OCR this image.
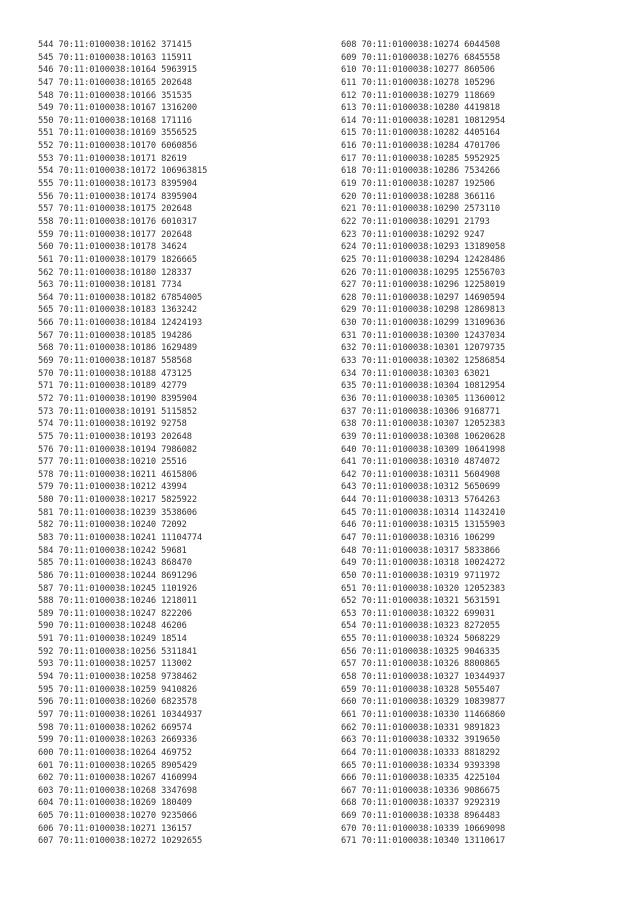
544 70:11:0100038:10162 371415
545 70:11:0100038:10163 115911
546 70:11:0100038:10164 5963915
547 70:11:0100038:10165 202648
548 70:11:0100038:10166 351535
549 70:11:0100038:10167 1316200
550 70:11:0100038:10168 171116
551 70:11:0100038:10169 3556525
552 70:11:0100038:10170 6060856
553 70:11:0100038:10171 82619
554 70:11:0100038:10172 106963815
555 70:11:0100038:10173 8395904
556 70:11:0100038:10174 8395904
557 70:11:0100038:10175 202648
558 70:11:0100038:10176 6010317
559 70:11:0100038:10177 202648
560 70:11:0100038:10178 34624
561 70:11:0100038:10179 1826665
562 70:11:0100038:10180 128337
563 70:11:0100038:10181 7734
564 70:11:0100038:10182 67854005
565 70:11:0100038:10183 1363242
566 70:11:0100038:10184 12424193
567 70:11:0100038:10185 194286
568 70:11:0100038:10186 1629489
569 70:11:0100038:10187 558568
570 70:11:0100038:10188 473125
571 70:11:0100038:10189 42779
572 70:11:0100038:10190 8395904
573 70:11:0100038:10191 5115852
574 70:11:0100038:10192 92758
575 70:11:0100038:10193 202648
576 70:11:0100038:10194 7986082
577 70:11:0100038:10210 25516
578 70:11:0100038:10211 4615806
579 70:11:0100038:10212 43994
580 70:11:0100038:10217 5825922
581 70:11:0100038:10239 3538606
582 70:11:0100038:10240 72092
583 70:11:0100038:10241 11104774
584 70:11:0100038:10242 59681
585 70:11:0100038:10243 868470
586 70:11:0100038:10244 8691296
587 70:11:0100038:10245 1101926
588 70:11:0100038:10246 1218011
589 70:11:0100038:10247 822206
590 70:11:0100038:10248 46206
591 70:11:0100038:10249 18514
592 70:11:0100038:10256 5311841
593 70:11:0100038:10257 113002
594 70:11:0100038:10258 9738462
595 70:11:0100038:10259 9410826
596 70:11:0100038:10260 6823578
597 70:11:0100038:10261 10344937
598 70:11:0100038:10262 669574
599 70:11:0100038:10263 2669336
600 70:11:0100038:10264 469752
601 70:11:0100038:10265 8905429
602 70:11:0100038:10267 4160994
603 70:11:0100038:10268 3347698
604 70:11:0100038:10269 180409
605 70:11:0100038:10270 9235066
606 70:11:0100038:10271 136157
607 70:11:0100038:10272 10292655
608 70:11:0100038:10274 6044508
609 70:11:0100038:10276 6845558
610 70:11:0100038:10277 860506
611 70:11:0100038:10278 105296
612 70:11:0100038:10279 118669
613 70:11:0100038:10280 4419818
614 70:11:0100038:10281 10812954
615 70:11:0100038:10282 4405164
616 70:11:0100038:10284 4701706
617 70:11:0100038:10285 5952925
618 70:11:0100038:10286 7534266
619 70:11:0100038:10287 192506
620 70:11:0100038:10288 366116
621 70:11:0100038:10290 2573110
622 70:11:0100038:10291 21793
623 70:11:0100038:10292 9247
624 70:11:0100038:10293 13189058
625 70:11:0100038:10294 12428486
626 70:11:0100038:10295 12556703
627 70:11:0100038:10296 12258019
628 70:11:0100038:10297 14690594
629 70:11:0100038:10298 12869813
630 70:11:0100038:10299 13109636
631 70:11:0100038:10300 12437034
632 70:11:0100038:10301 12079735
633 70:11:0100038:10302 12586854
634 70:11:0100038:10303 63021
635 70:11:0100038:10304 10812954
636 70:11:0100038:10305 11360012
637 70:11:0100038:10306 9168771
638 70:11:0100038:10307 12052383
639 70:11:0100038:10308 10620628
640 70:11:0100038:10309 10641998
641 70:11:0100038:10310 4874072
642 70:11:0100038:10311 5604908
643 70:11:0100038:10312 5650699
644 70:11:0100038:10313 5764263
645 70:11:0100038:10314 11432410
646 70:11:0100038:10315 13155903
647 70:11:0100038:10316 106299
648 70:11:0100038:10317 5833866
649 70:11:0100038:10318 10024272
650 70:11:0100038:10319 9711972
651 70:11:0100038:10320 12052383
652 70:11:0100038:10321 5631591
653 70:11:0100038:10322 699031
654 70:11:0100038:10323 8272055
655 70:11:0100038:10324 5068229
656 70:11:0100038:10325 9046335
657 70:11:0100038:10326 8800865
658 70:11:0100038:10327 10344937
659 70:11:0100038:10328 5055407
660 70:11:0100038:10329 10839877
661 70:11:0100038:10330 11466860
662 70:11:0100038:10331 9891823
663 70:11:0100038:10332 3919650
664 70:11:0100038:10333 8818292
665 70:11:0100038:10334 9393398
666 70:11:0100038:10335 4225104
667 70:11:0100038:10336 9086675
668 70:11:0100038:10337 9292319
669 70:11:0100038:10338 8964483
670 70:11:0100038:10339 10669098
671 70:11:0100038:10340 13110617
